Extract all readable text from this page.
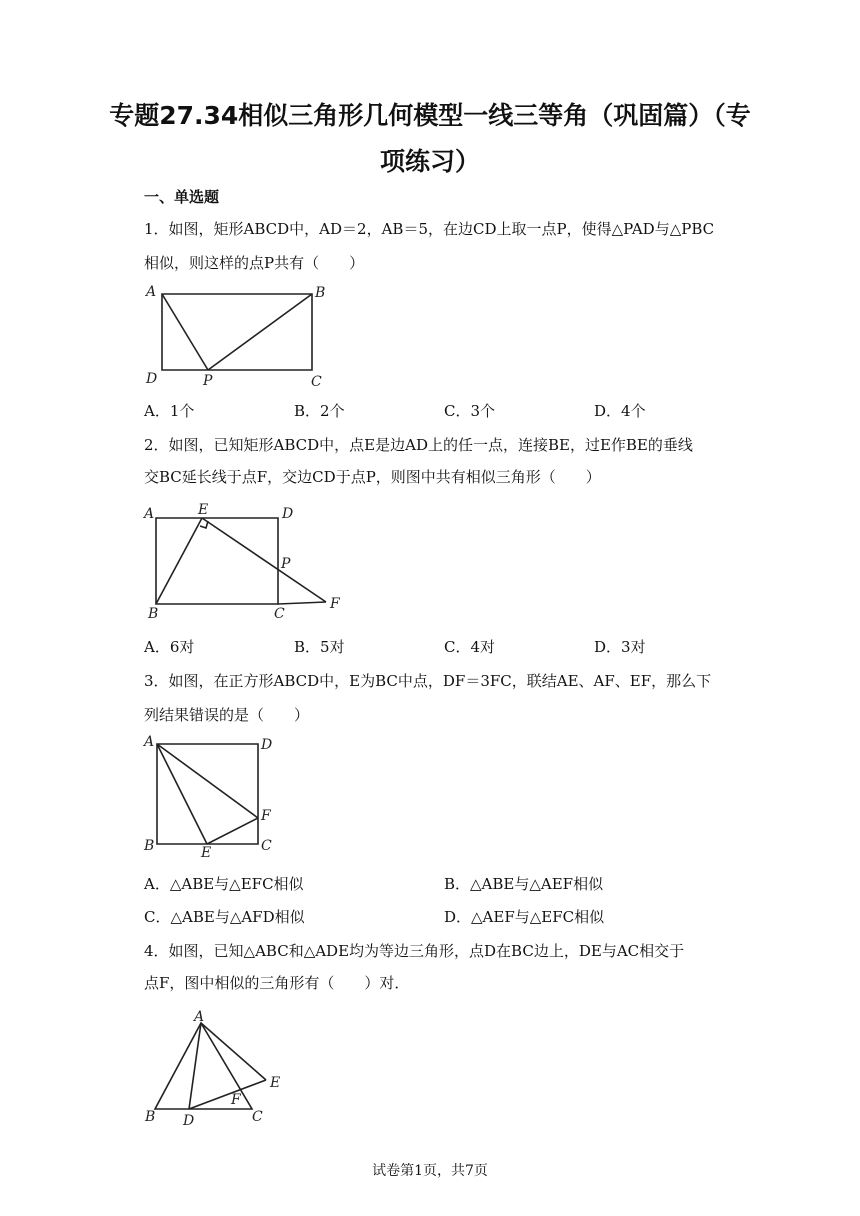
专题27.34相似三角形几何模型一线三等角（巩固篇）（专
项练习）
一、单选题
1．如图，矩形ABCD中，AD＝2，AB＝5，在边CD上取一点P，使得△PAD与△PBC
相似，则这样的点P共有（　　）
A	B
D	P	C
A．1个	B．2个	C．3个	D．4个
2．如图，已知矩形ABCD中，点E是边AD上的任一点，连接BE，过E作BE的垂线
交BC延长线于点F，交边CD于点P，则图中共有相似三角形（　　）
A	E	D
P
B	C
F
A．6对	B．5对	C．4对	D．3对
3．如图，在正方形ABCD中，E为BC中点，DF＝3FC，联结AE、AF、EF，那么下
列结果错误的是（　　）
A	D
F
B	E	C
A．△ABE与△EFC相似	B．△ABE与△AEF相似
C．△ABE与△AFD相似	D．△AEF与△EFC相似
4．如图，已知△ABC和△ADE均为等边三角形，点D在BC边上，DE与AC相交于
点F，图中相似的三角形有（　　）对．
A
E
F
B D	C
试卷第1页，共7页
